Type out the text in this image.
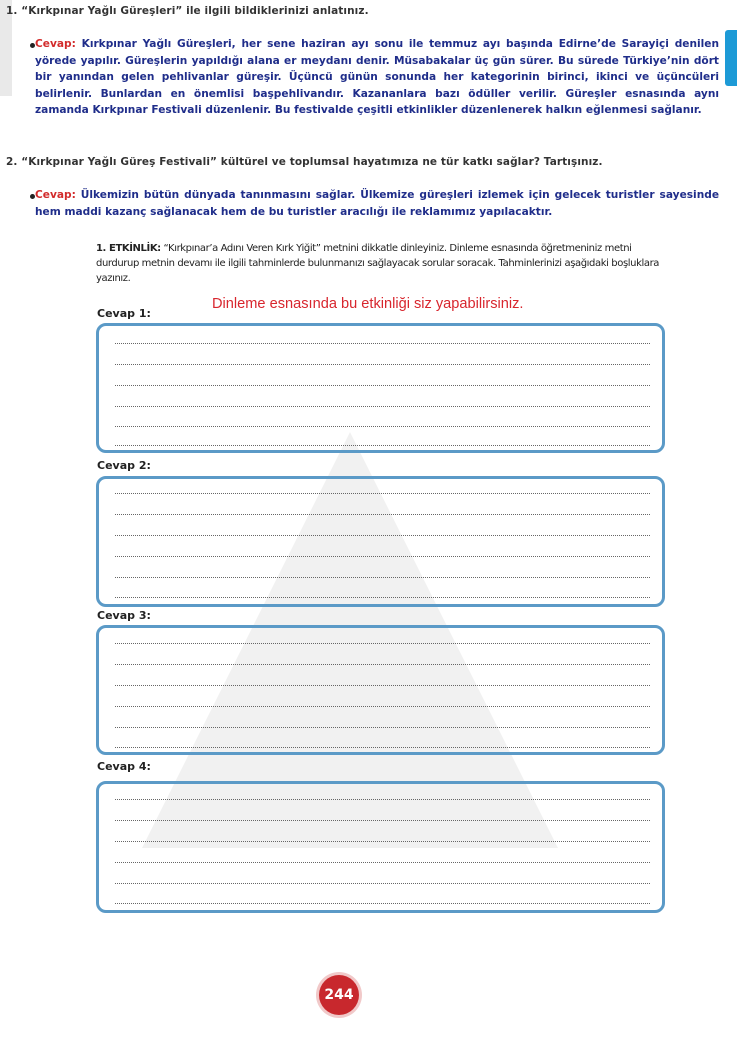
1. “Kırkpınar Yağlı Güreşleri” ile ilgili bildiklerinizi anlatınız.
Cevap: Kırkpınar Yağlı Güreşleri, her sene haziran ayı sonu ile temmuz ayı başında Edirne’de Sarayiçi denilen yörede yapılır. Güreşlerin yapıldığı alana er meydanı denir. Müsabakalar üç gün sürer. Bu sürede Türkiye’nin dört bir yanından gelen pehlivanlar güreşir. Üçüncü günün sonunda her kategorinin birinci, ikinci ve üçüncüleri belirlenir. Bunlardan en önemlisi başpehlivandır. Kazananlara bazı ödüller verilir. Güreşler esnasında aynı zamanda Kırkpınar Festivali düzenlenir. Bu festivalde çeşitli etkinlikler düzenlenerek halkın eğlenmesi sağlanır.
2. “Kırkpınar Yağlı Güreş Festivali” kültürel ve toplumsal hayatımıza ne tür katkı sağlar? Tartışınız.
Cevap: Ülkemizin bütün dünyada tanınmasını sağlar. Ülkemize güreşleri izlemek için gelecek turistler sayesinde hem maddi kazanç sağlanacak hem de bu turistler aracılığı ile reklamımız yapılacaktır.
1. ETKİNLİK: “Kırkpınar’a Adını Veren Kırk Yiğit” metnini dikkatle dinleyiniz. Dinleme esnasında öğretmeniniz metni durdurup metnin devamı ile ilgili tahminlerde bulunmanızı sağlayacak sorular soracak. Tahminlerinizi aşağıdaki boşluklara yazınız.
Dinleme esnasında bu etkinliği siz yapabilirsiniz.
Cevap 1:
Cevap 2:
Cevap 3:
Cevap 4:
244
